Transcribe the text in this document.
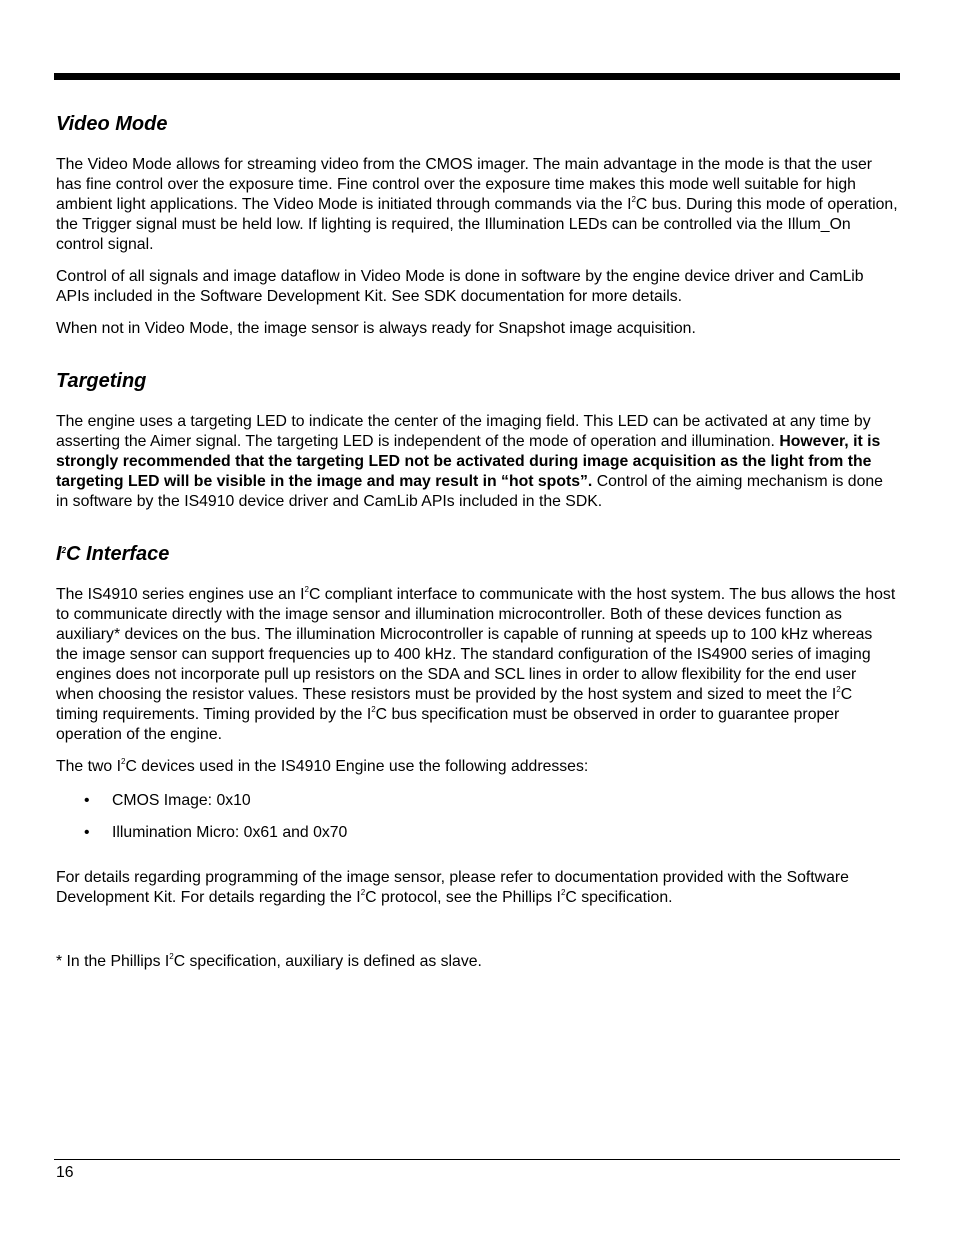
Video Mode

The Video Mode allows for streaming video from the CMOS imager. The main advantage in the mode is that the user has fine control over the exposure time. Fine control over the exposure time makes this mode well suitable for high ambient light applications. The Video Mode is initiated through commands via the $I^2C$ bus. During this mode of operation, the Trigger signal must be held low. If lighting is required, the Illumination LEDs can be controlled via the Illum_On control signal.

Control of all signals and image dataflow in Video Mode is done in software by the engine device driver and CamLib APIs included in the Software Development Kit. See SDK documentation for more details.

When not in Video Mode, the image sensor is always ready for Snapshot image acquisition.

Targeting

The engine uses a targeting LED to indicate the center of the imaging field. This LED can be activated at any time by asserting the Aimer signal. The targeting LED is independent of the mode of operation and illumination. However, it is strongly recommended that the targeting LED not be activated during image acquisition as the light from the targeting LED will be visible in the image and may result in “hot spots”. Control of the aiming mechanism is done in software by the IS4910 device driver and CamLib APIs included in the SDK.

$I^2C$ Interface

The IS4910 series engines use an $I^2C$ compliant interface to communicate with the host system. The bus allows the host to communicate directly with the image sensor and illumination microcontroller. Both of these devices function as auxiliary* devices on the bus. The illumination Microcontroller is capable of running at speeds up to 100 kHz whereas the image sensor can support frequencies up to 400 kHz. The standard configuration of the IS4900 series of imaging engines does not incorporate pull up resistors on the SDA and SCL lines in order to allow flexibility for the end user when choosing the resistor values. These resistors must be provided by the host system and sized to meet the $I^2C$ timing requirements. Timing provided by the $I^2C$ bus specification must be observed in order to guarantee proper operation of the engine.

The two $I^2C$ devices used in the IS4910 Engine use the following addresses:

• CMOS Image: 0x10
• Illumination Micro: 0x61 and 0x70

For details regarding programming of the image sensor, please refer to documentation provided with the Software Development Kit. For details regarding the $I^2C$ protocol, see the Phillips $I^2C$ specification.

* In the Phillips $I^2C$ specification, auxiliary is defined as slave.

16
